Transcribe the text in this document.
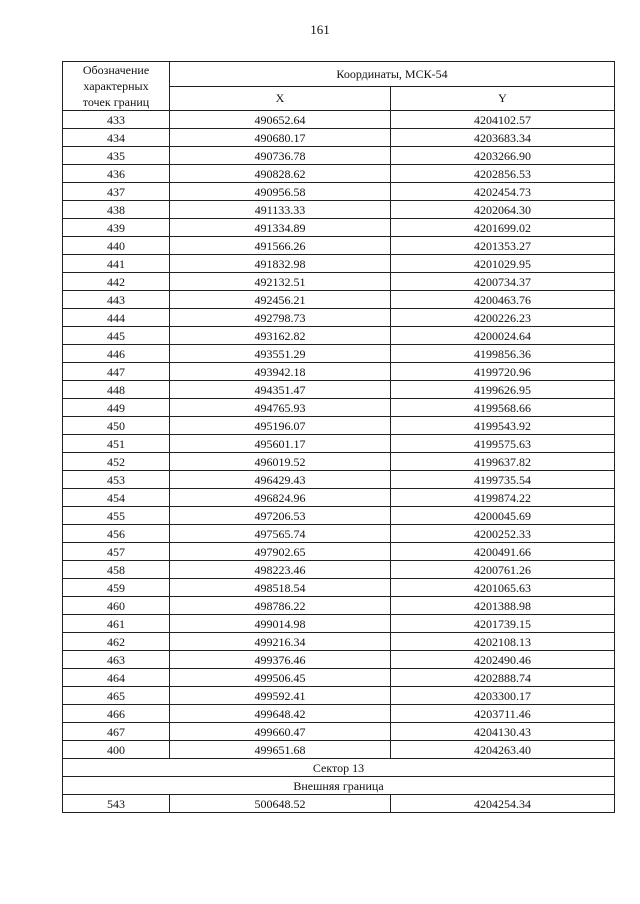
161
Обозначение
характерных
точек границ	Координаты, МСК-54	
	X	Y
433	490652.64	4204102.57
434	490680.17	4203683.34
435	490736.78	4203266.90
436	490828.62	4202856.53
437	490956.58	4202454.73
438	491133.33	4202064.30
439	491334.89	4201699.02
440	491566.26	4201353.27
441	491832.98	4201029.95
442	492132.51	4200734.37
443	492456.21	4200463.76
444	492798.73	4200226.23
445	493162.82	4200024.64
446	493551.29	4199856.36
447	493942.18	4199720.96
448	494351.47	4199626.95
449	494765.93	4199568.66
450	495196.07	4199543.92
451	495601.17	4199575.63
452	496019.52	4199637.82
453	496429.43	4199735.54
454	496824.96	4199874.22
455	497206.53	4200045.69
456	497565.74	4200252.33
457	497902.65	4200491.66
458	498223.46	4200761.26
459	498518.54	4201065.63
460	498786.22	4201388.98
461	499014.98	4201739.15
462	499216.34	4202108.13
463	499376.46	4202490.46
464	499506.45	4202888.74
465	499592.41	4203300.17
466	499648.42	4203711.46
467	499660.47	4204130.43
400	499651.68	4204263.40
Сектор 13		
Внешняя граница		
543	500648.52	4204254.34
